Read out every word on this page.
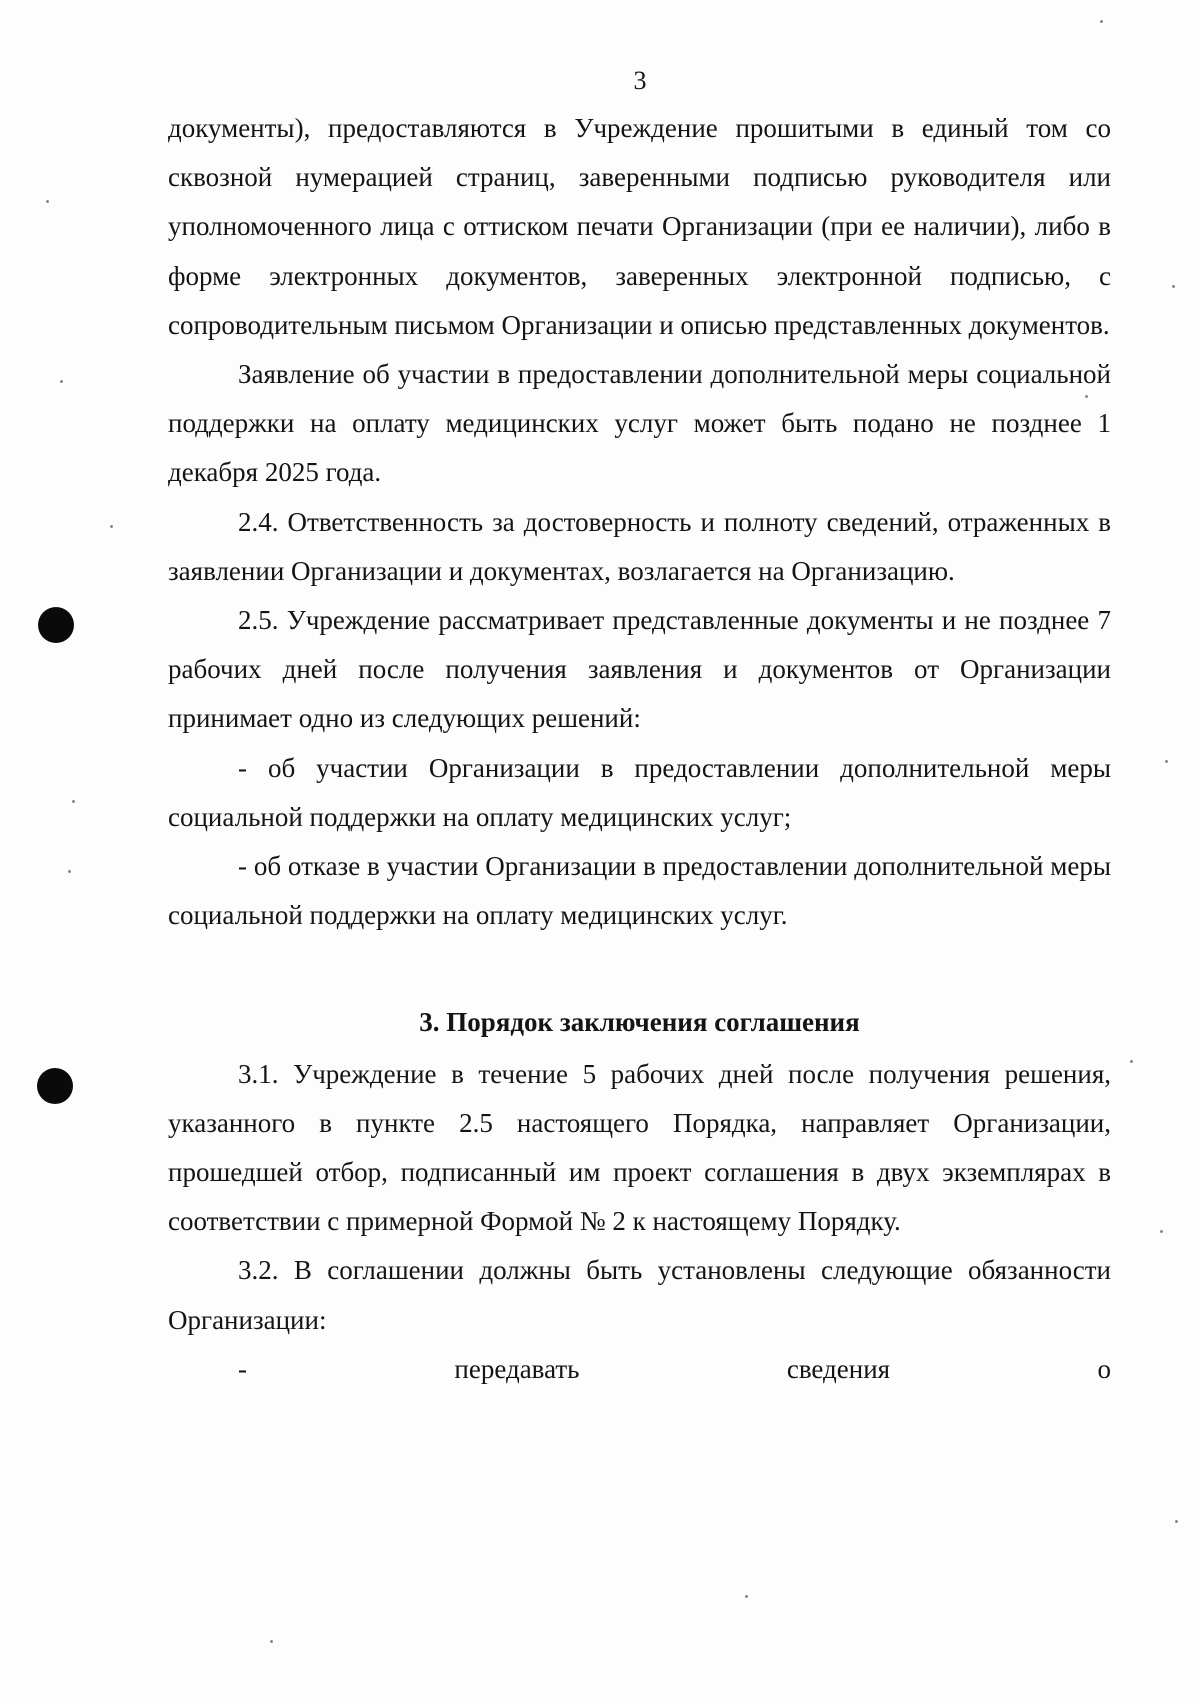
3

документы), предоставляются в Учреждение прошитыми в единый том со сквозной нумерацией страниц, заверенными подписью руководителя или уполномоченного лица с оттиском печати Организации (при ее наличии), либо в форме электронных документов, заверенных электронной подписью, с сопроводительным письмом Организации и описью представленных документов.

Заявление об участии в предоставлении дополнительной меры социальной поддержки на оплату медицинских услуг может быть подано не позднее 1 декабря 2025 года.

2.4. Ответственность за достоверность и полноту сведений, отраженных в заявлении Организации и документах, возлагается на Организацию.

2.5. Учреждение рассматривает представленные документы и не позднее 7 рабочих дней после получения заявления и документов от Организации принимает одно из следующих решений:

- об участии Организации в предоставлении дополнительной меры социальной поддержки на оплату медицинских услуг;

- об отказе в участии Организации в предоставлении дополнительной меры социальной поддержки на оплату медицинских услуг.

3. Порядок заключения соглашения

3.1. Учреждение в течение 5 рабочих дней после получения решения, указанного в пункте 2.5 настоящего Порядка, направляет Организации, прошедшей отбор, подписанный им проект соглашения в двух экземплярах в соответствии с примерной Формой № 2 к настоящему Порядку.

3.2. В соглашении должны быть установлены следующие обязанности Организации:

-	передавать	сведения	о
